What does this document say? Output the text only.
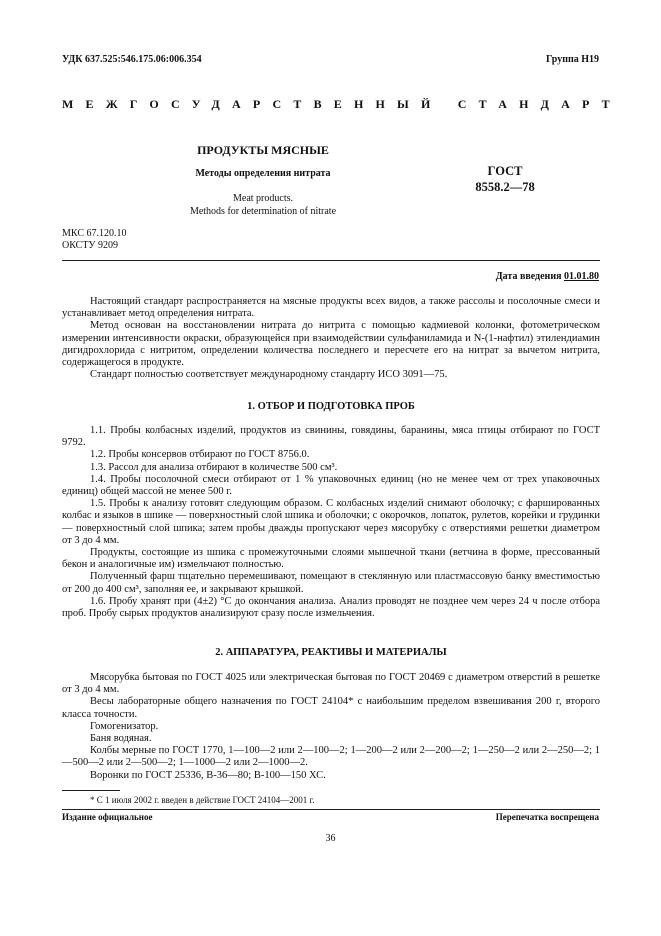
УДК 637.525:546.175.06:006.354	Группа Н19
МЕЖГОСУДАРСТВЕННЫЙ СТАНДАРТ
ПРОДУКТЫ МЯСНЫЕ
Методы определения нитрата
Meat products.
Methods for determination of nitrate
ГОСТ
8558.2—78
МКС 67.120.10
ОКСТУ 9209
Дата введения 01.01.80

Настоящий стандарт распространяется на мясные продукты всех видов, а также рассолы и посолочные смеси и устанавливает метод определения нитрата.

Метод основан на восстановлении нитрата до нитрита с помощью кадмиевой колонки, фотометрическом измерении интенсивности окраски, образующейся при взаимодействии сульфаниламида и N-(1-нафтил) этилендиамин дигидрохлорида с нитритом, определении количества последнего и пересчете его на нитрат за вычетом нитрита, содержащегося в продукте.

Стандарт полностью соответствует международному стандарту ИСО 3091—75.

1. ОТБОР И ПОДГОТОВКА ПРОБ

1.1. Пробы колбасных изделий, продуктов из свинины, говядины, баранины, мяса птицы отбирают по ГОСТ 9792.

1.2. Пробы консервов отбирают по ГОСТ 8756.0.

1.3. Рассол для анализа отбирают в количестве 500 см³.

1.4. Пробы посолочной смеси отбирают от 1 % упаковочных единиц (но не менее чем от трех упаковочных единиц) общей массой не менее 500 г.

1.5. Пробы к анализу готовят следующим образом. С колбасных изделий снимают оболочку; с фаршированных колбас и языков в шпике — поверхностный слой шпика и оболочки; с окорочков, лопаток, рулетов, корейки и грудинки — поверхностный слой шпика; затем пробы дважды пропускают через мясорубку с отверстиями решетки диаметром от 3 до 4 мм.

Продукты, состоящие из шпика с промежуточными слоями мышечной ткани (ветчина в форме, прессованный бекон и аналогичные им) измельчают полностью.

Полученный фарш тщательно перемешивают, помещают в стеклянную или пластмассовую банку вместимостью от 200 до 400 см³, заполняя ее, и закрывают крышкой.

1.6. Пробу хранят при (4±2) °С до окончания анализа. Анализ проводят не позднее чем через 24 ч после отбора проб. Пробу сырых продуктов анализируют сразу после измельчения.

2. АППАРАТУРА, РЕАКТИВЫ И МАТЕРИАЛЫ

Мясорубка бытовая по ГОСТ 4025 или электрическая бытовая по ГОСТ 20469 с диаметром отверстий в решетке от 3 до 4 мм.

Весы лабораторные общего назначения по ГОСТ 24104* с наибольшим пределом взвешивания 200 г, второго класса точности.

Гомогенизатор.

Баня водяная.

Колбы мерные по ГОСТ 1770, 1—100—2 или 2—100—2; 1—200—2 или 2—200—2; 1—250—2 или 2—250—2; 1—500—2 или 2—500—2; 1—1000—2 или 2—1000—2.

Воронки по ГОСТ 25336, В-36—80; В-100—150 ХС.

* С 1 июля 2002 г. введен в действие ГОСТ 24104—2001 г.
Издание официальное	Перепечатка воспрещена
36
